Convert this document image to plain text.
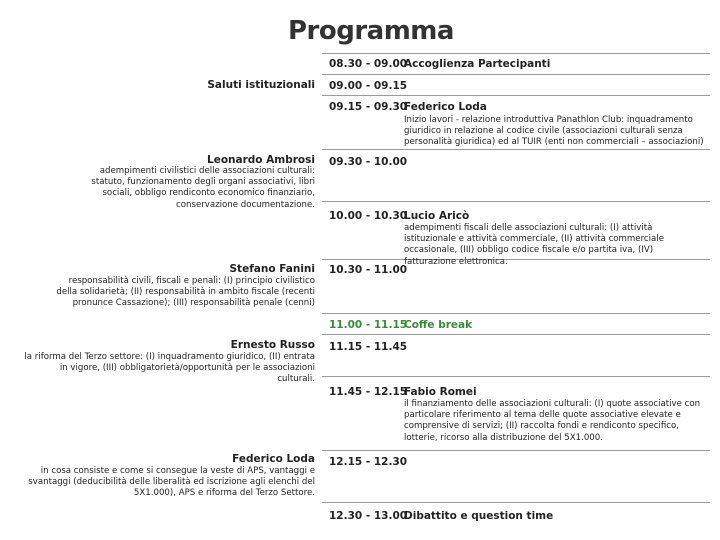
Programma
08.30 - 09.00
Accoglienza Partecipanti
09.00 - 09.15
Saluti istituzionali
09.15 - 09.30
Federico Loda
Inizio lavori - relazione introduttiva Panathlon Club: inquadramento giuridico in relazione al codice civile (associazioni culturali senza personalità giuridica) ed al TUIR (enti non commerciali – associazioni)
09.30 - 10.00
Leonardo Ambrosi
adempimenti civilistici delle associazioni culturali: statuto, funzionamento degli organi associativi, libri sociali, obbligo rendiconto economico finanziario, conservazione documentazione.
10.00 - 10.30
Lucio Aricò
adempimenti fiscali delle associazioni culturali: (I) attività istituzionale e attività commerciale, (II) attività commerciale occasionale, (III) obbligo codice fiscale e/o partita iva, (IV) fatturazione elettronica.
10.30 - 11.00
Stefano Fanini
responsabilità civili, fiscali e penali: (I) principio civilistico della solidarietà; (II) responsabilità in ambito fiscale (recenti pronunce Cassazione); (III) responsabilità penale (cenni)
11.00 - 11.15
Coffe break
11.15 - 11.45
Ernesto Russo
la riforma del Terzo settore: (I) inquadramento giuridico, (II) entrata in vigore, (III) obbligatorietà/opportunità per le associazioni culturali.
11.45 - 12.15
Fabio Romei
il finanziamento delle associazioni culturali: (I) quote associative con particolare riferimento al tema delle quote associative elevate e comprensive di servizi; (II) raccolta fondi e rendiconto specifico, lotterie, ricorso alla distribuzione del 5X1.000.
12.15 - 12.30
Federico Loda
in cosa consiste e come si consegue la veste di APS, vantaggi e svantaggi (deducibilità delle liberalità ed iscrizione agli elenchi del 5X1.000), APS e riforma del Terzo Settore.
12.30 - 13.00
Dibattito e question time
